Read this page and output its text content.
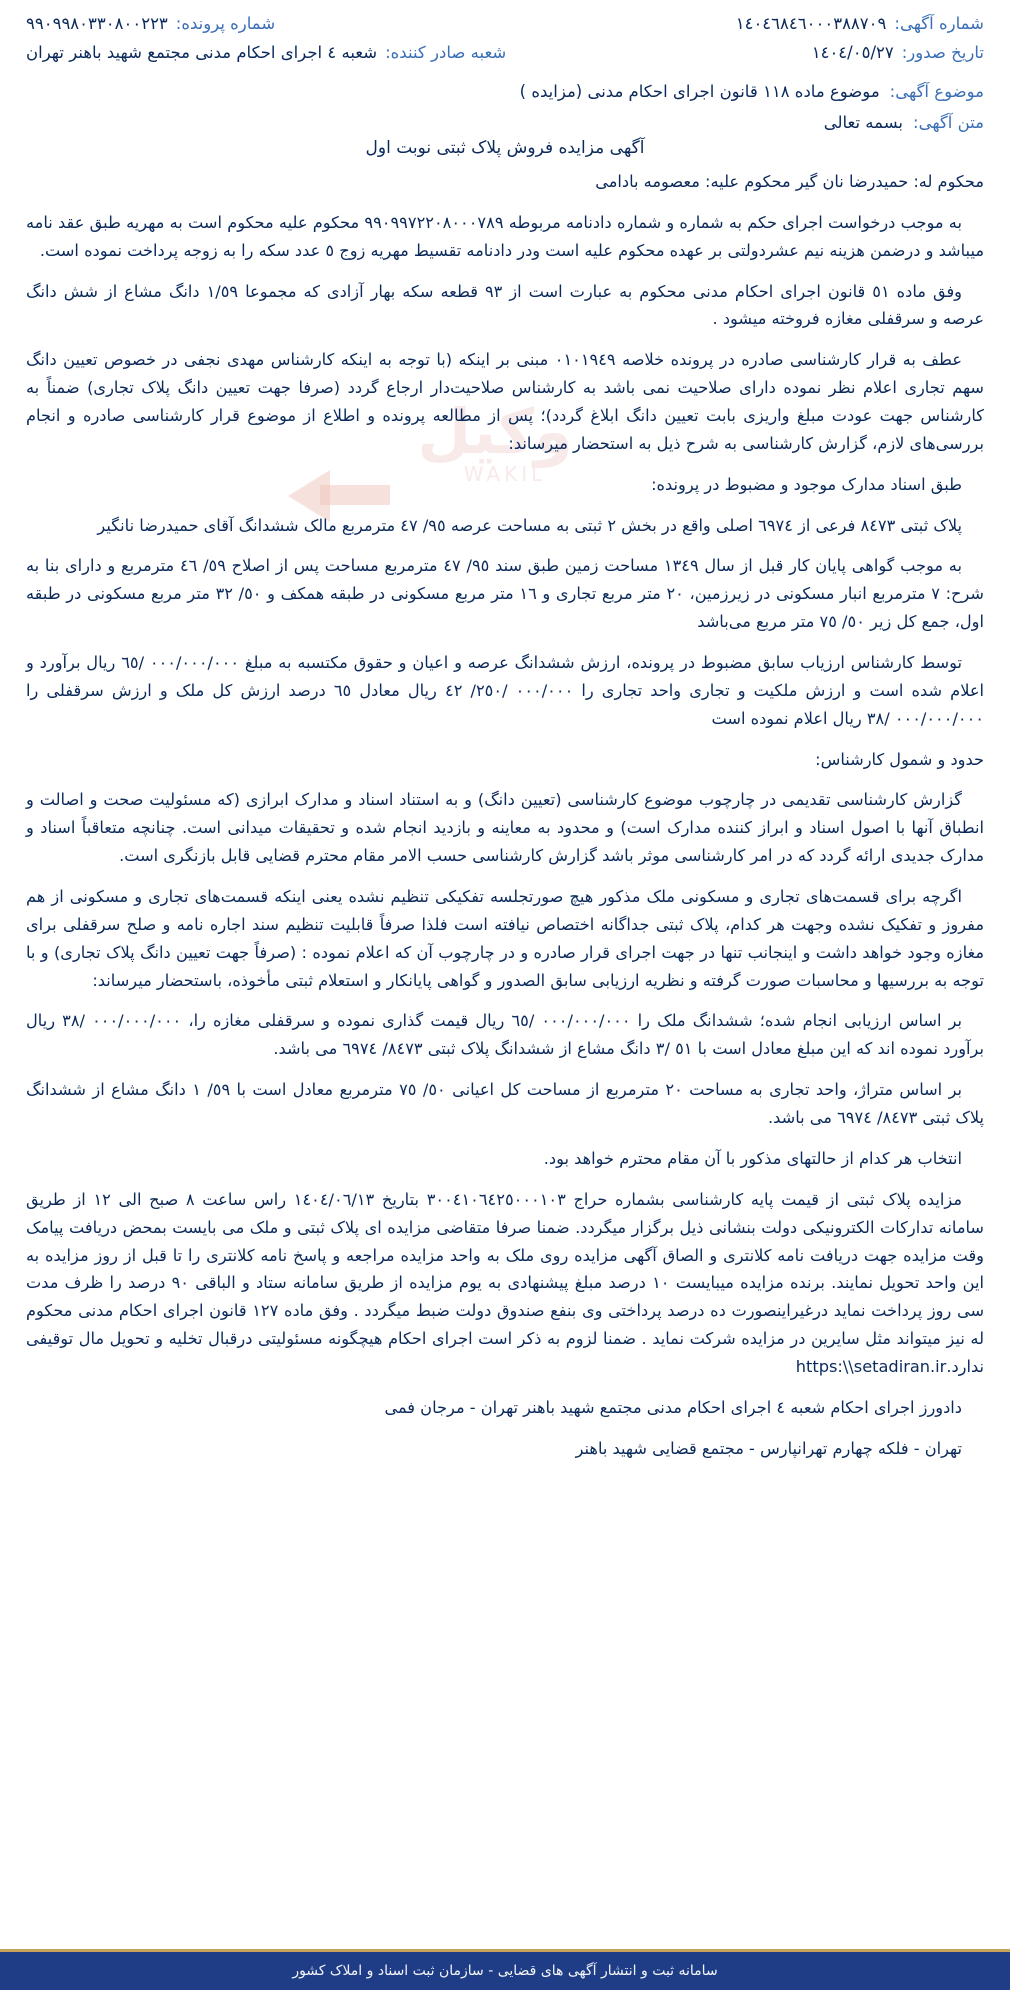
وکیل
WAKIL
شماره آگهی:
١٤٠٤٦٨٤٦٠٠٠٣٨٨٧٠٩
شماره پرونده:
٩٩٠٩٩٨٠٣٣٠٨٠٠٢٢٣
تاریخ صدور:
١٤٠٤/٠٥/٢٧
شعبه صادر کننده:
شعبه ٤ اجرای احکام مدنی مجتمع شهید باهنر تهران
موضوع آگهی:
موضوع ماده ١١٨ قانون اجرای احکام مدنی (مزایده )
متن آگهی:
بسمه تعالی
آگهی مزایده فروش پلاک ثبتی نوبت اول

محکوم له: حمیدرضا نان گیر محکوم علیه: معصومه بادامی

به موجب درخواست اجرای حکم به شماره و شماره دادنامه مربوطه ٩٩٠٩٩٧٢٢٠٨٠٠٠٧٨٩ محکوم علیه محکوم است به مهریه طبق عقد نامه میباشد و درضمن هزینه نیم عشردولتی بر عهده محکوم علیه است ودر دادنامه تقسیط مهریه زوج ٥ عدد سکه را به زوجه پرداخت نموده است.

وفق ماده ٥١ قانون اجرای احکام مدنی محکوم به عبارت است از ٩٣ قطعه سکه بهار آزادی که مجموعا ١/٥٩ دانگ مشاع از شش دانگ عرصه و سرقفلی مغازه فروخته میشود .

عطف به قرار کارشناسی صادره در پرونده خلاصه ٠١٠١٩٤٩ مبنی بر اینکه (با توجه به اینکه کارشناس مهدی نجفی در خصوص تعیین دانگ سهم تجاری اعلام نظر نموده دارای صلاحیت نمی باشد به کارشناس صلاحیت‌دار ارجاع گردد (صرفا جهت تعیین دانگ پلاک تجاری) ضمناً به کارشناس جهت عودت مبلغ واریزی بابت تعیین دانگ ابلاغ گردد)؛ پس از مطالعه پرونده و اطلاع از موضوع قرار کارشناسی صادره و انجام بررسی‌های لازم، گزارش کارشناسی به شرح ذیل به استحضار میرساند:

طبق اسناد مدارک موجود و مضبوط در پرونده:

پلاک ثبتی ٨٤٧٣ فرعی از ٦٩٧٤ اصلی واقع در بخش ٢ ثبتی به مساحت عرصه ٩٥/ ٤٧ مترمربع مالک ششدانگ آقای حمیدرضا نانگیر

به موجب گواهی پایان کار قبل از سال ١٣٤٩ مساحت زمین طبق سند ٩٥/ ٤٧ مترمربع مساحت پس از اصلاح ٥٩/ ٤٦ مترمربع و دارای بنا به شرح: ٧ مترمربع انبار مسکونی در زیرزمین، ٢٠ متر مربع تجاری و ١٦ متر مربع مسکونی در طبقه همکف و ٥٠/ ٣٢ متر مربع مسکونی در طبقه اول، جمع کل زیر ٥٠/ ٧٥ متر مربع می‌باشد

توسط کارشناس ارزیاب سابق مضبوط در پرونده، ارزش ششدانگ عرصه و اعیان و حقوق مکتسبه به مبلغ ٠٠٠/٠٠٠/٠٠٠ /٦٥ ریال برآورد و اعلام شده است و ارزش ملکیت و تجاری واحد تجاری را ٠٠٠/٠٠٠ /٢٥٠/ ٤٢ ریال معادل ٦٥ درصد ارزش کل ملک و ارزش سرقفلی را ٠٠٠/٠٠٠/٠٠٠ /٣٨ ریال اعلام نموده است

حدود و شمول کارشناس:

گزارش کارشناسی تقدیمی در چارچوب موضوع کارشناسی (تعیین دانگ) و به استناد اسناد و مدارک ابرازی (که مسئولیت صحت و اصالت و انطباق آنها با اصول اسناد و ابراز کننده مدارک است) و محدود به معاینه و بازدید انجام شده و تحقیقات میدانی است. چنانچه متعاقباً اسناد و مدارک جدیدی ارائه گردد که در امر کارشناسی موثر باشد گزارش کارشناسی حسب الامر مقام محترم قضایی قابل بازنگری است.

اگرچه برای قسمت‌های تجاری و مسکونی ملک مذکور هیچ صورتجلسه تفکیکی تنظیم نشده یعنی اینکه قسمت‌های تجاری و مسکونی از هم مفروز و تفکیک نشده وجهت هر کدام، پلاک ثبتی جداگانه اختصاص نیافته است فلذا صرفاً قابلیت تنظیم سند اجاره نامه و صلح سرقفلی برای مغازه وجود خواهد داشت و اینجانب تنها در جهت اجرای قرار صادره و در چارچوب آن که اعلام نموده : (صرفاً جهت تعیین دانگ پلاک تجاری) و با توجه به بررسیها و محاسبات صورت گرفته و نظریه ارزیابی سابق الصدور و گواهی پایانکار و استعلام ثبتی مأخوذه، باستحضار میرساند:

بر اساس ارزیابی انجام شده؛ ششدانگ ملک را ٠٠٠/٠٠٠/٠٠٠ /٦٥ ریال قیمت گذاری نموده و سرقفلی مغازه را، ٠٠٠/٠٠٠/٠٠٠ /٣٨ ریال برآورد نموده اند که این مبلغ معادل است با ٥١ /٣ دانگ مشاع از ششدانگ پلاک ثبتی ٨٤٧٣/ ٦٩٧٤ می ‌باشد.

بر اساس متراژ، واحد تجاری به مساحت ٢٠ مترمربع از مساحت کل اعیانی ٥٠/ ٧٥ مترمربع معادل است با ٥٩/ ١ دانگ مشاع از ششدانگ پلاک ثبتی ٨٤٧٣/ ٦٩٧٤ می باشد.

انتخاب هر کدام از حالتهای مذکور با آن مقام محترم خواهد بود.

مزایده پلاک ثبتی از قیمت پایه کارشناسی بشماره حراج ٣٠٠٤١٠٦٤٢٥٠٠٠١٠٣ بتاریخ ١٤٠٤/٠٦/١٣ راس ساعت ٨ صبح الی ١٢ از طریق سامانه تدارکات الکترونیکی دولت بنشانی ذیل برگزار میگردد. ضمنا صرفا متقاضی مزایده ای پلاک ثبتی و ملک می بایست بمحض دریافت پیامک وقت مزایده جهت دریافت نامه کلانتری و الصاق آگهی مزایده روی ملک به واحد مزایده مراجعه و پاسخ نامه کلانتری را تا قبل از روز مزایده به این واحد تحویل نمایند. برنده مزایده میبایست ١٠ درصد مبلغ پیشنهادی به یوم مزایده از طریق سامانه ستاد و الباقی ٩٠ درصد را ظرف مدت سی روز پرداخت نماید درغیراینصورت ده درصد پرداختی وی بنفع صندوق دولت ضبط میگردد . وفق ماده ١٢٧ قانون اجرای احکام مدنی محکوم له نیز میتواند مثل سایرین در مزایده شرکت نماید . ضمنا لزوم به ذکر است اجرای احکام هیچگونه مسئولیتی درقبال تخلیه و تحویل مال توقیفی ندارد.https:\\setadiran.ir

دادورز اجرای احکام شعبه ٤ اجرای احکام مدنی مجتمع شهید باهنر تهران - مرجان فمی

تهران - فلکه چهارم تهرانپارس - مجتمع قضایی شهید باهنر

سامانه ثبت و انتشار آگهی های قضایی - سازمان ثبت اسناد و املاک کشور
